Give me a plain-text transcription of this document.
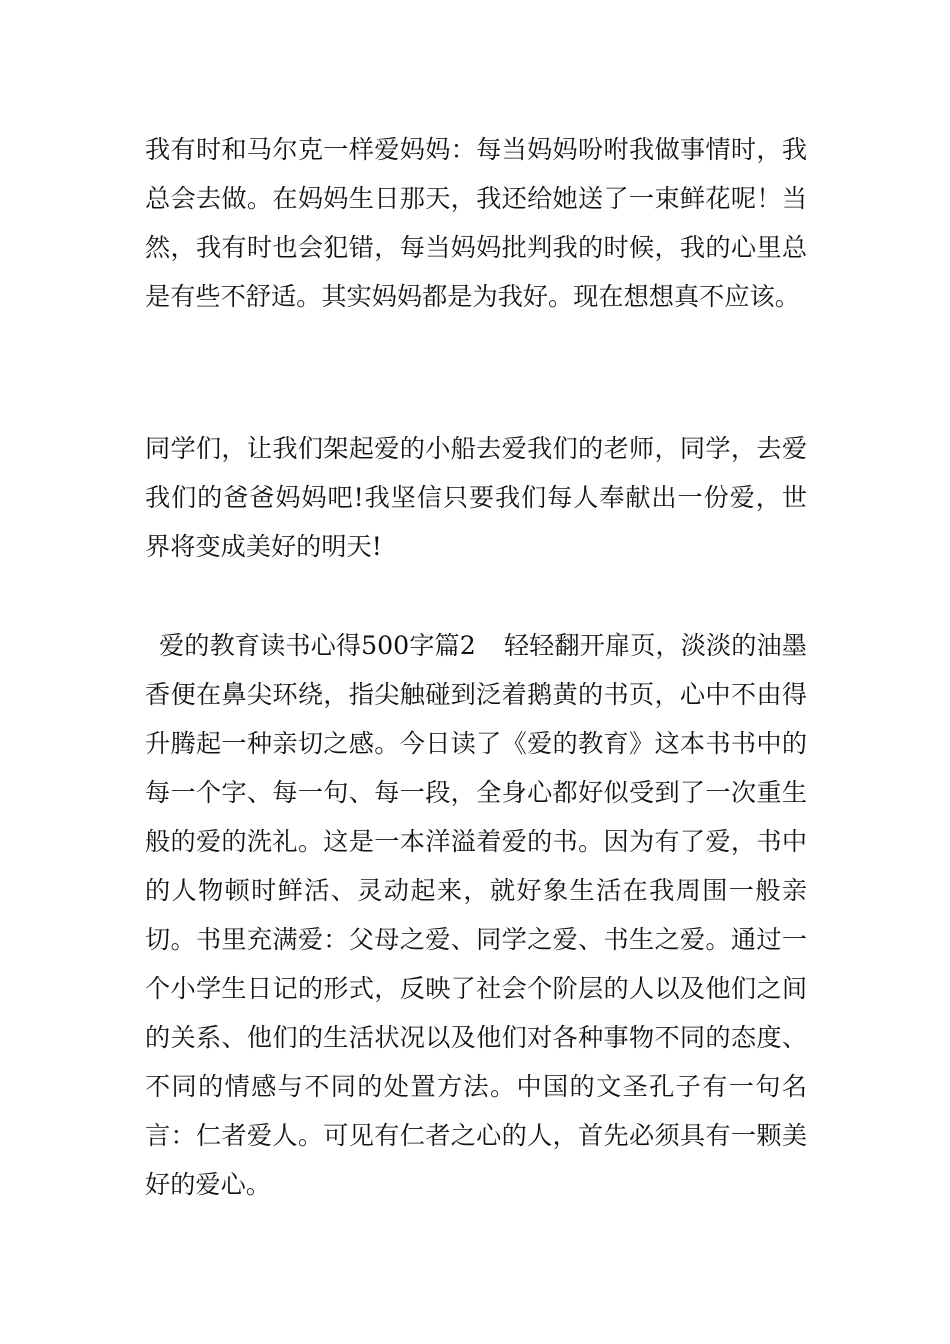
我有时和马尔克一样爱妈妈：每当妈妈吩咐我做事情时，我总会去做。在妈妈生日那天，我还给她送了一束鲜花呢！当然，我有时也会犯错，每当妈妈批判我的时候，我的心里总是有些不舒适。其实妈妈都是为我好。现在想想真不应该。

同学们，让我们架起爱的小船去爱我们的老师，同学，去爱我们的爸爸妈妈吧!我坚信只要我们每人奉献出一份爱，世界将变成美好的明天!

爱的教育读书心得500字篇2 轻轻翻开扉页，淡淡的油墨香便在鼻尖环绕，指尖触碰到泛着鹅黄的书页，心中不由得升腾起一种亲切之感。今日读了《爱的教育》这本书书中的每一个字、每一句、每一段，全身心都好似受到了一次重生般的爱的洗礼。这是一本洋溢着爱的书。因为有了爱，书中的人物顿时鲜活、灵动起来，就好象生活在我周围一般亲切。书里充满爱：父母之爱、同学之爱、书生之爱。通过一个小学生日记的形式，反映了社会个阶层的人以及他们之间的关系、他们的生活状况以及他们对各种事物不同的态度、不同的情感与不同的处置方法。中国的文圣孔子有一句名言：仁者爱人。可见有仁者之心的人，首先必须具有一颗美好的爱心。
